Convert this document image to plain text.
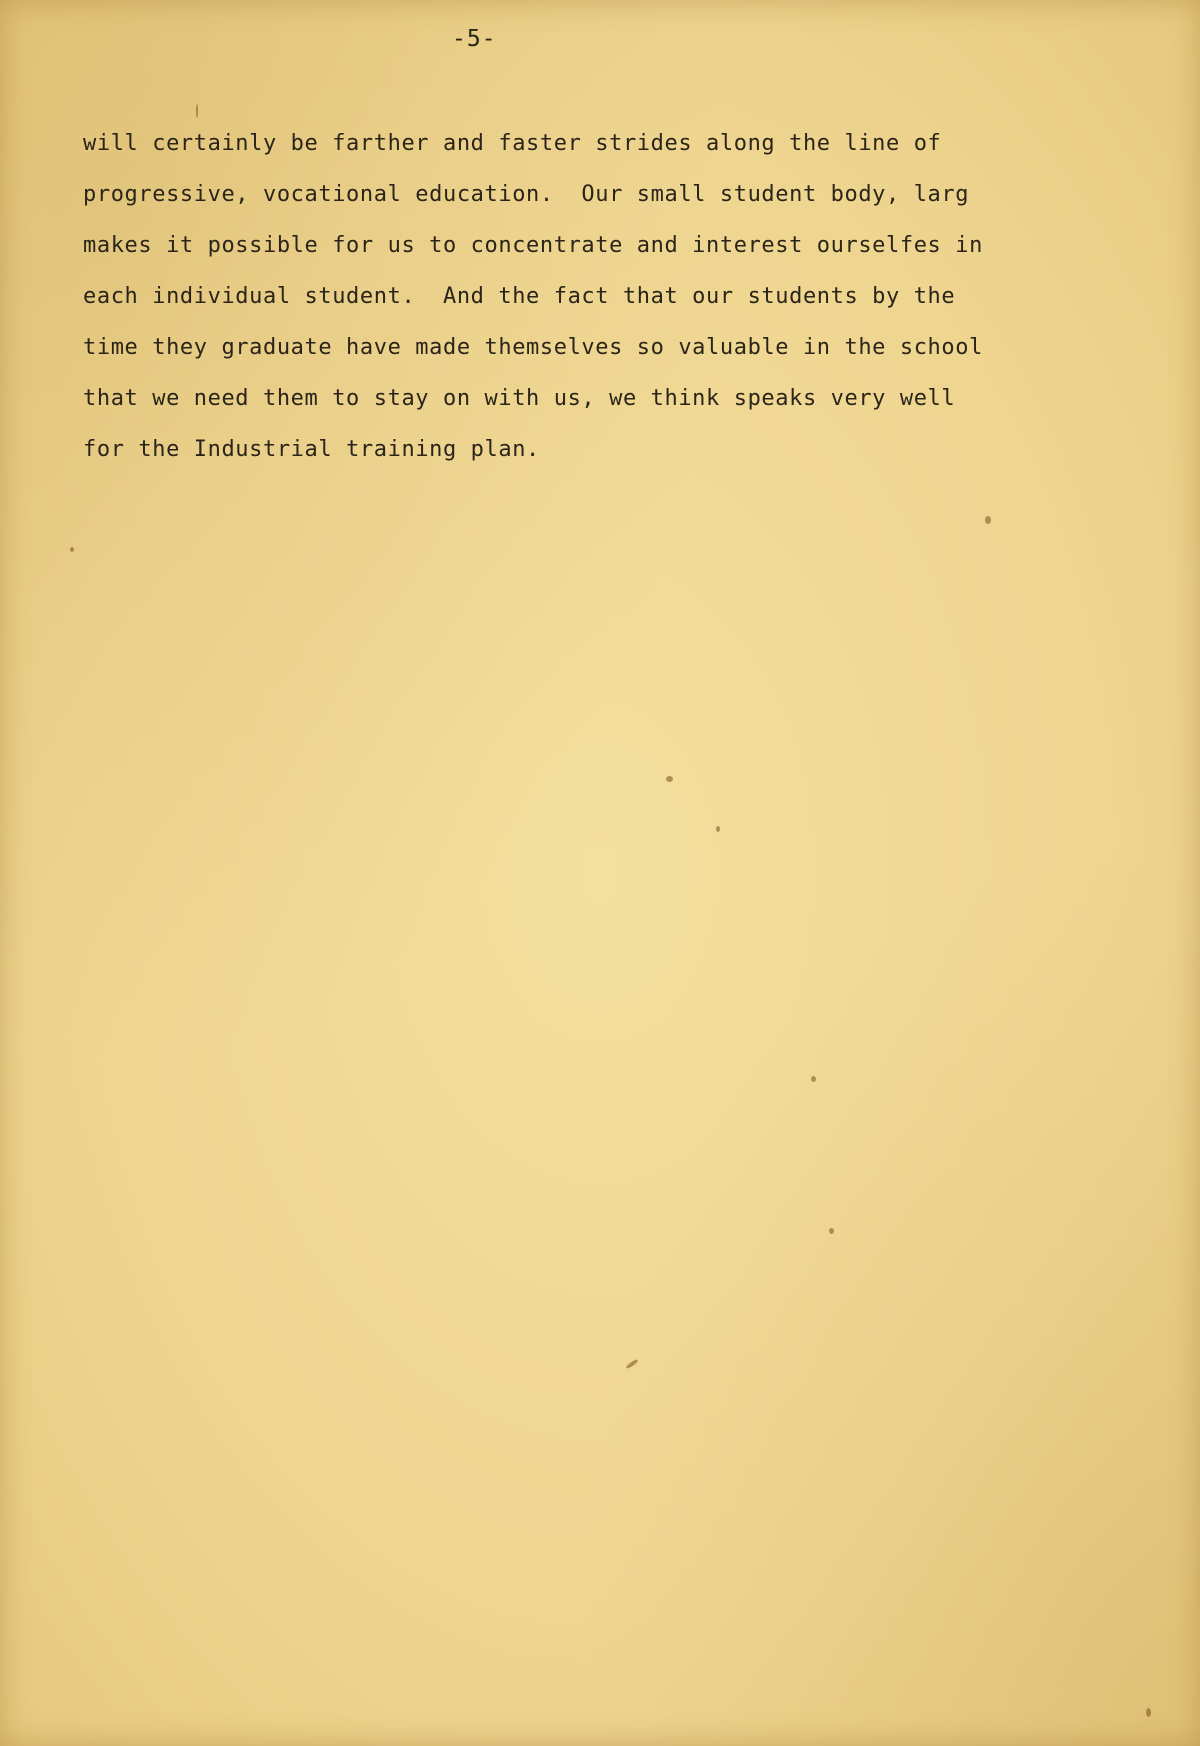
-5-
will certainly be farther and faster strides along the line of
progressive, vocational education.  Our small student body, larg
makes it possible for us to concentrate and interest ourselfes in
each individual student.  And the fact that our students by the
time they graduate have made themselves so valuable in the school
that we need them to stay on with us, we think speaks very well
for the Industrial training plan.
